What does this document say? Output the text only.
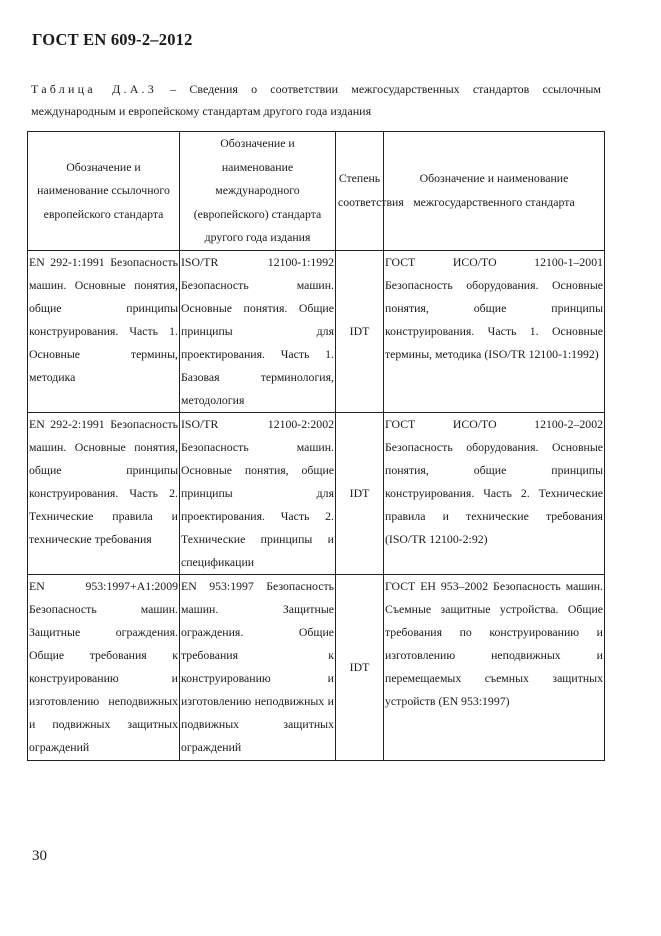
ГОСТ EN 609-2–2012
Таблица Д.А.3 – Сведения о соответствии межгосударственных стандартов ссылочным международным и европейскому стандартам другого года издания
Обозначение и наименование ссылочного европейского стандарта	Обозначение и наименование международного (европейского) стандарта другого года издания	Степень соответствия	Обозначение и наименование межгосударственного стандарта
EN 292-1:1991 Безопасность машин. Основные понятия, общие принципы конструирования. Часть 1. Основные термины, методика	ISO/TR 12100-1:1992 Безопасность машин. Основные понятия. Общие принципы для проектирования. Часть 1. Базовая терминология, методология	IDT	ГОСТ ИСО/ТО 12100-1–2001 Безопасность оборудования. Основные понятия, общие принципы конструирования. Часть 1. Основные термины, методика (ISO/TR 12100-1:1992)
EN 292-2:1991 Безопасность машин. Основные понятия, общие принципы конструирования. Часть 2. Технические правила и технические требования	ISO/TR 12100-2:2002 Безопасность машин. Основные понятия, общие принципы для проектирования. Часть 2. Технические принципы и спецификации	IDT	ГОСТ ИСО/ТО 12100-2–2002 Безопасность оборудования. Основные понятия, общие принципы конструирования. Часть 2. Технические правила и технические требования (ISO/TR 12100-2:92)
EN 953:1997+A1:2009 Безопасность машин. Защитные ограждения. Общие требования к конструированию и изготовлению неподвижных и подвижных защитных ограждений	EN 953:1997 Безопасность машин. Защитные ограждения. Общие требования к конструированию и изготовлению неподвижных и подвижных защитных ограждений	IDT	ГОСТ ЕН 953–2002 Безопасность машин. Съемные защитные устройства. Общие требования по конструированию и изготовлению неподвижных и перемещаемых съемных защитных устройств (EN 953:1997)
30
